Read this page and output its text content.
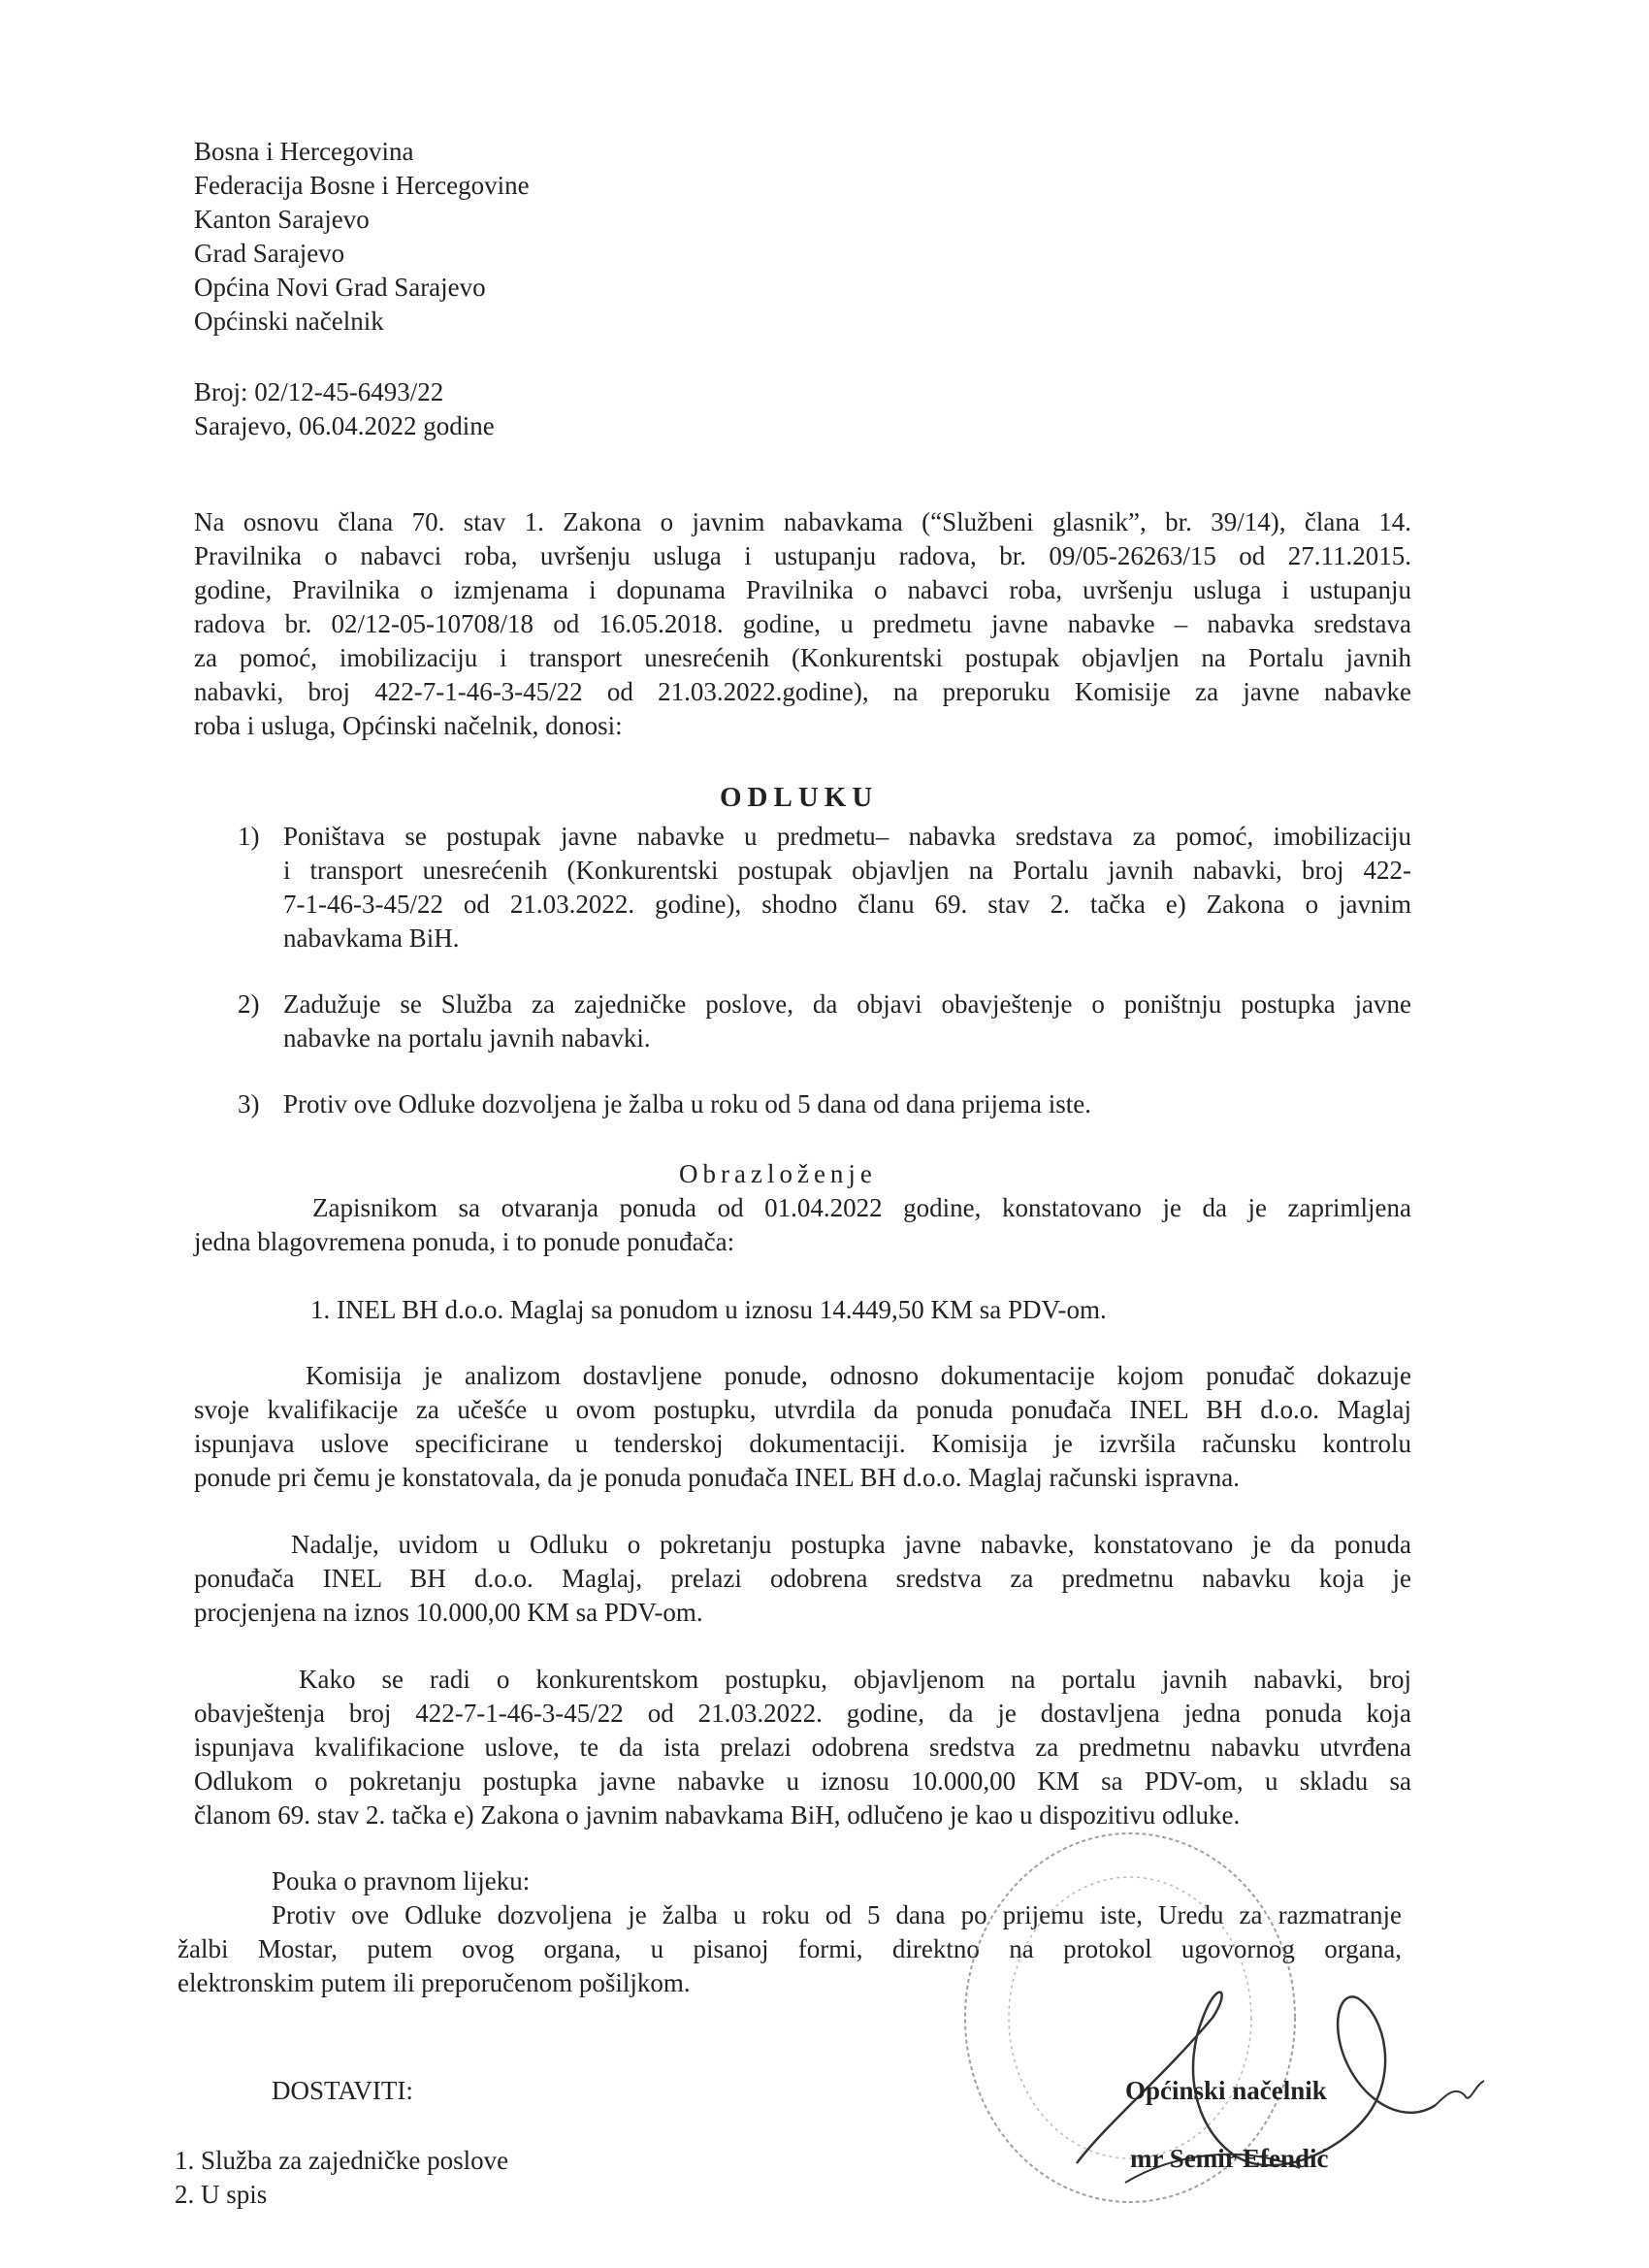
Bosna i Hercegovina
Federacija Bosne i Hercegovine
Kanton Sarajevo
Grad Sarajevo
Općina Novi Grad Sarajevo
Općinski načelnik
Broj: 02/12-45-6493/22
Sarajevo, 06.04.2022 godine
Na osnovu člana 70. stav 1. Zakona o javnim nabavkama (“Službeni glasnik”, br. 39/14), člana 14.
Pravilnika o nabavci roba, uvršenju usluga i ustupanju radova, br. 09/05-26263/15 od 27.11.2015.
godine, Pravilnika o izmjenama i dopunama Pravilnika o nabavci roba, uvršenju usluga i ustupanju
radova br. 02/12-05-10708/18 od 16.05.2018. godine, u predmetu javne nabavke – nabavka sredstava
za pomoć, imobilizaciju i transport unesrećenih (Konkurentski postupak objavljen na Portalu javnih
nabavki, broj 422-7-1-46-3-45/22 od 21.03.2022.godine), na preporuku Komisije za javne nabavke
roba i usluga, Općinski načelnik, donosi:
ODLUKU
1) Poništava se postupak javne nabavke u predmetu– nabavka sredstava za pomoć, imobilizaciju
i transport unesrećenih (Konkurentski postupak objavljen na Portalu javnih nabavki, broj 422-
7-1-46-3-45/22 od 21.03.2022. godine), shodno članu 69. stav 2. tačka e) Zakona o javnim
nabavkama BiH.
2) Zadužuje se Služba za zajedničke poslove, da objavi obavještenje o poništnju postupka javne
nabavke na portalu javnih nabavki.
3) Protiv ove Odluke dozvoljena je žalba u roku od 5 dana od dana prijema iste.
Obrazloženje
Zapisnikom sa otvaranja ponuda od 01.04.2022 godine, konstatovano je da je zaprimljena
jedna blagovremena ponuda, i to ponude ponuđača:
1. INEL BH d.o.o. Maglaj sa ponudom u iznosu 14.449,50 KM sa PDV-om.
Komisija je analizom dostavljene ponude, odnosno dokumentacije kojom ponuđač dokazuje
svoje kvalifikacije za učešće u ovom postupku, utvrdila da ponuda ponuđača INEL BH d.o.o. Maglaj
ispunjava uslove specificirane u tenderskoj dokumentaciji. Komisija je izvršila računsku kontrolu
ponude pri čemu je konstatovala, da je ponuda ponuđača INEL BH d.o.o. Maglaj računski ispravna.
Nadalje, uvidom u Odluku o pokretanju postupka javne nabavke, konstatovano je da ponuda
ponuđača INEL BH d.o.o. Maglaj, prelazi odobrena sredstva za predmetnu nabavku koja je
procjenjena na iznos 10.000,00 KM sa PDV-om.
Kako se radi o konkurentskom postupku, objavljenom na portalu javnih nabavki, broj
obavještenja broj 422-7-1-46-3-45/22 od 21.03.2022. godine, da je dostavljena jedna ponuda koja
ispunjava kvalifikacione uslove, te da ista prelazi odobrena sredstva za predmetnu nabavku utvrđena
Odlukom o pokretanju postupka javne nabavke u iznosu 10.000,00 KM sa PDV-om, u skladu sa
članom 69. stav 2. tačka e) Zakona o javnim nabavkama BiH, odlučeno je kao u dispozitivu odluke.
Pouka o pravnom lijeku:
Protiv ove Odluke dozvoljena je žalba u roku od 5 dana po prijemu iste, Uredu za razmatranje
žalbi Mostar, putem ovog organa, u pisanoj formi, direktno na protokol ugovornog organa,
elektronskim putem ili preporučenom pošiljkom.
DOSTAVITI:
1. Služba za zajedničke poslove
2. U spis
Općinski načelnik
mr Semir Efendić
